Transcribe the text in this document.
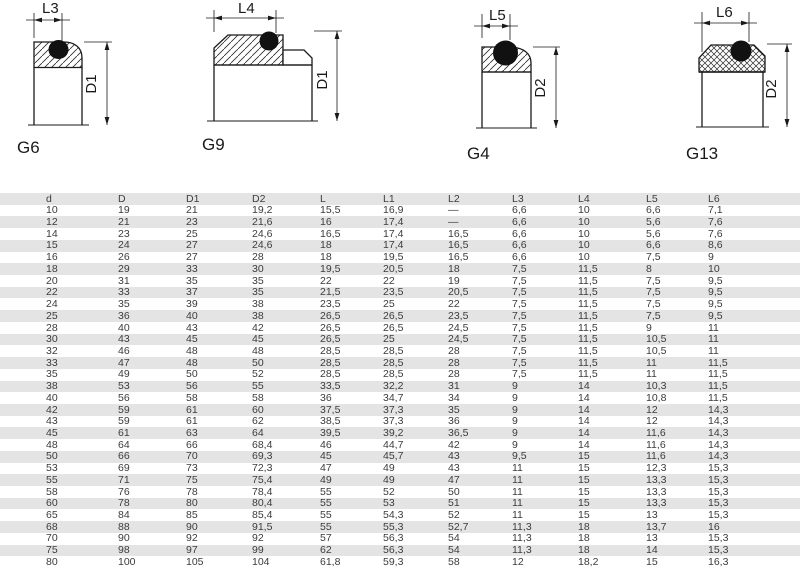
L3
D1
G6
L4
D1
G9
L5
D2
G4
L6
D2
G13
d	D	D1	D2	L	L1	L2	L3	L4	L5	L6
10	19	21	19,2	15,5	16,9	—	6,6	10	6,6	7,1
12	21	23	21,6	16	17,4	—	6,6	10	5,6	7,6
14	23	25	24,6	16,5	17,4	16,5	6,6	10	5,6	7,6
15	24	27	24,6	18	17,4	16,5	6,6	10	6,6	8,6
16	26	27	28	18	19,5	16,5	6,6	10	7,5	9
18	29	33	30	19,5	20,5	18	7,5	11,5	8	10
20	31	35	35	22	22	19	7,5	11,5	7,5	9,5
22	33	37	35	21,5	23,5	20,5	7,5	11,5	7,5	9,5
24	35	39	38	23,5	25	22	7,5	11,5	7,5	9,5
25	36	40	38	26,5	26,5	23,5	7,5	11,5	7,5	9,5
28	40	43	42	26,5	26,5	24,5	7,5	11,5	9	11
30	43	45	45	26,5	25	24,5	7,5	11,5	10,5	11
32	46	48	48	28,5	28,5	28	7,5	11,5	10,5	11
33	47	48	50	28,5	28,5	28	7,5	11,5	11	11,5
35	49	50	52	28,5	28,5	28	7,5	11,5	11	11,5
38	53	56	55	33,5	32,2	31	9	14	10,3	11,5
40	56	58	58	36	34,7	34	9	14	10,8	11,5
42	59	61	60	37,5	37,3	35	9	14	12	14,3
43	59	61	62	38,5	37,3	36	9	14	12	14,3
45	61	63	64	39,5	39,2	36,5	9	14	11,6	14,3
48	64	66	68,4	46	44,7	42	9	14	11,6	14,3
50	66	70	69,3	45	45,7	43	9,5	15	11,6	14,3
53	69	73	72,3	47	49	43	11	15	12,3	15,3
55	71	75	75,4	49	49	47	11	15	13,3	15,3
58	76	78	78,4	55	52	50	11	15	13,3	15,3
60	78	80	80,4	55	53	51	11	15	13,3	15,3
65	84	85	85,4	55	54,3	52	11	15	13	15,3
68	88	90	91,5	55	55,3	52,7	11,3	18	13,7	16
70	90	92	92	57	56,3	54	11,3	18	13	15,3
75	98	97	99	62	56,3	54	11,3	18	14	15,3
80	100	105	104	61,8	59,3	58	12	18,2	15	16,3
